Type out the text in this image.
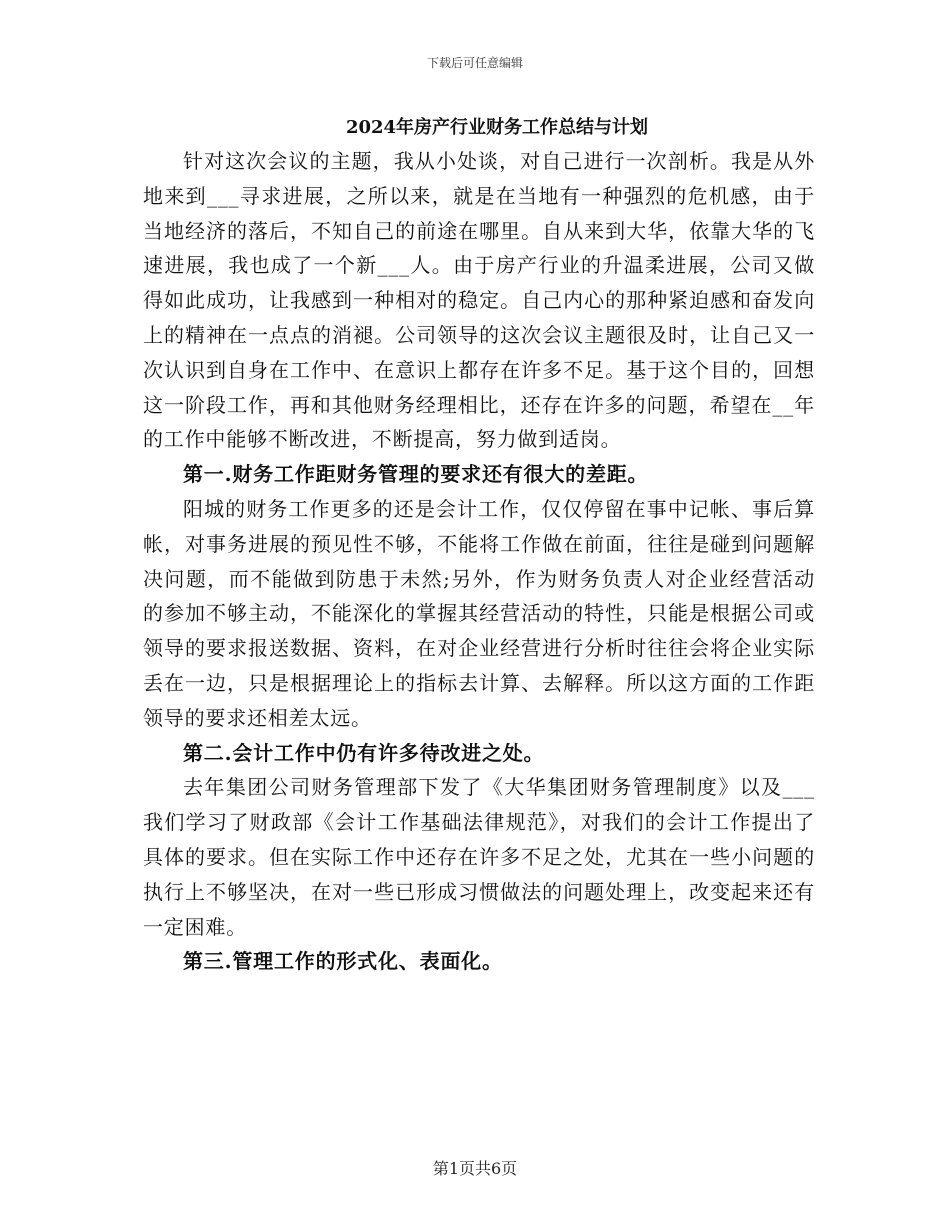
下载后可任意编辑
2024年房产行业财务工作总结与计划

针对这次会议的主题，我从小处谈，对自己进行一次剖析。我是从外地来到___寻求进展，之所以来，就是在当地有一种强烈的危机感，由于当地经济的落后，不知自己的前途在哪里。自从来到大华，依靠大华的飞速进展，我也成了一个新___人。由于房产行业的升温柔进展，公司又做得如此成功，让我感到一种相对的稳定。自己内心的那种紧迫感和奋发向上的精神在一点点的消褪。公司领导的这次会议主题很及时，让自己又一次认识到自身在工作中、在意识上都存在许多不足。基于这个目的，回想这一阶段工作，再和其他财务经理相比，还存在许多的问题，希望在__年的工作中能够不断改进，不断提高，努力做到适岗。

第一.财务工作距财务管理的要求还有很大的差距。

阳城的财务工作更多的还是会计工作，仅仅停留在事中记帐、事后算帐，对事务进展的预见性不够，不能将工作做在前面，往往是碰到问题解决问题，而不能做到防患于未然;另外，作为财务负责人对企业经营活动的参加不够主动，不能深化的掌握其经营活动的特性，只能是根据公司或领导的要求报送数据、资料，在对企业经营进行分析时往往会将企业实际丢在一边，只是根据理论上的指标去计算、去解释。所以这方面的工作距领导的要求还相差太远。

第二.会计工作中仍有许多待改进之处。

去年集团公司财务管理部下发了《大华集团财务管理制度》以及___我们学习了财政部《会计工作基础法律规范》，对我们的会计工作提出了具体的要求。但在实际工作中还存在许多不足之处，尤其在一些小问题的执行上不够坚决，在对一些已形成习惯做法的问题处理上，改变起来还有一定困难。

第三.管理工作的形式化、表面化。

第1页共6页
